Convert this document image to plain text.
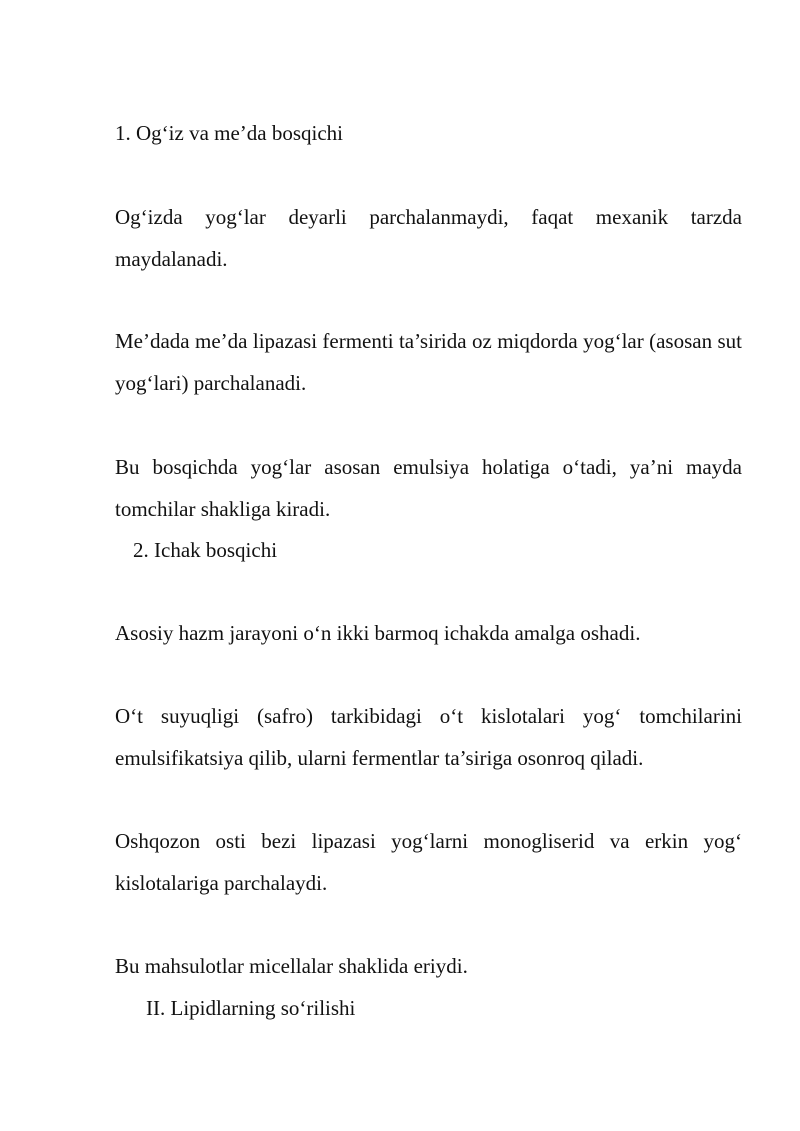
1. Og‘iz va me’da bosqichi

Og‘izda yog‘lar deyarli parchalanmaydi, faqat mexanik tarzda maydalanadi.

Me’dada me’da lipazasi fermenti ta’sirida oz miqdorda yog‘lar (asosan sut yog‘lari) parchalanadi.

Bu bosqichda yog‘lar asosan emulsiya holatiga o‘tadi, ya’ni mayda tomchilar shakliga kiradi.

2. Ichak bosqichi

Asosiy hazm jarayoni o‘n ikki barmoq ichakda amalga oshadi.

O‘t suyuqligi (safro) tarkibidagi o‘t kislotalari yog‘ tomchilarini emulsifikatsiya qilib, ularni fermentlar ta’siriga osonroq qiladi.

Oshqozon osti bezi lipazasi yog‘larni monogliserid va erkin yog‘ kislotalariga parchalaydi.

Bu mahsulotlar micellalar shaklida eriydi.

II. Lipidlarning so‘rilishi
